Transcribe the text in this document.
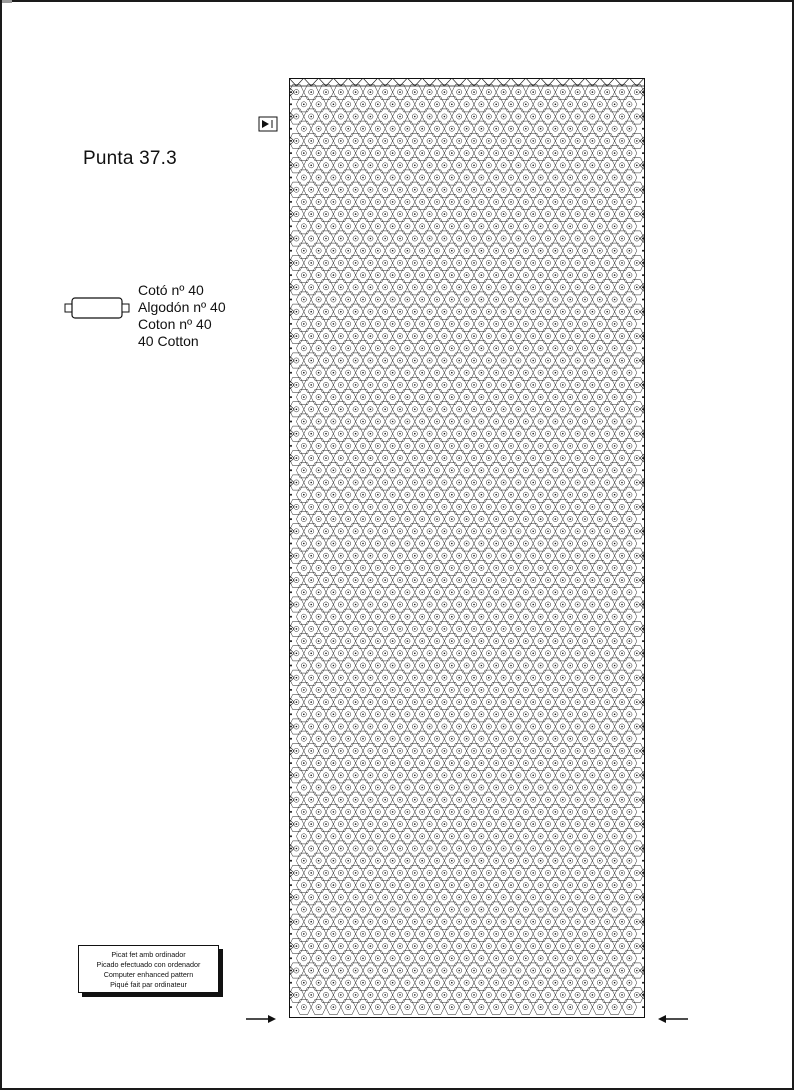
Punta 37.3
Cotó nº 40
Algodón nº 40
Coton nº 40
40 Cotton
Picat fet amb ordinador
Picado efectuado con ordenador
Computer enhanced pattern
Piqué fait par ordinateur
